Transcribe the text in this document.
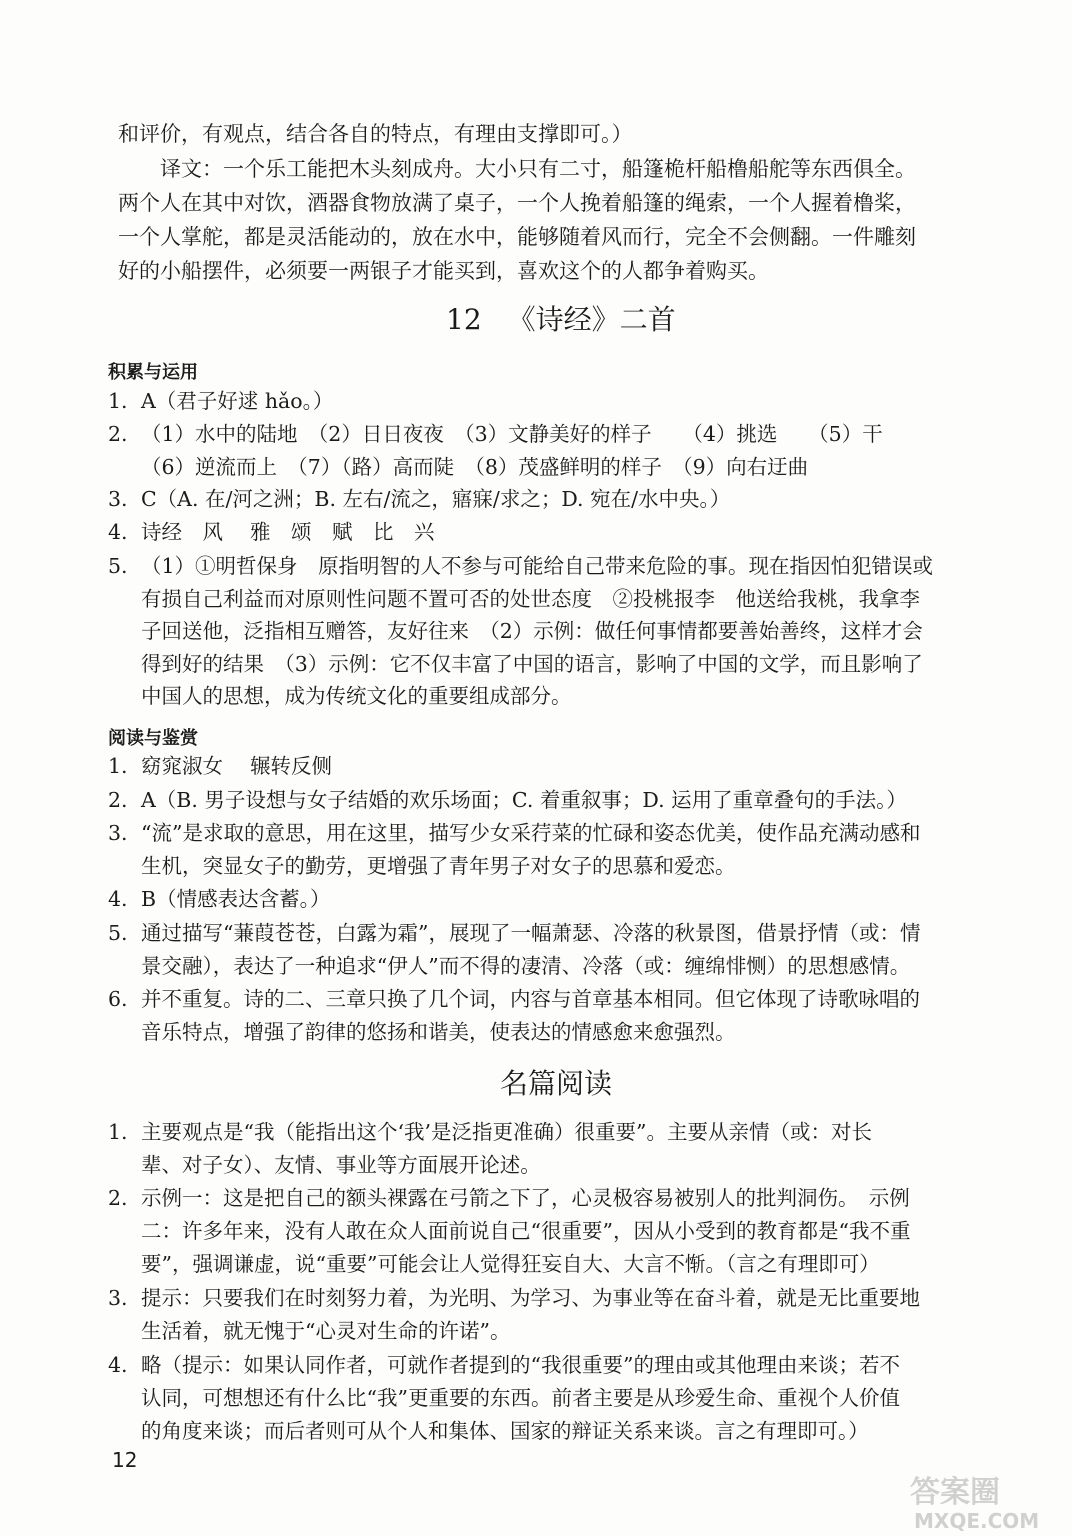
和评价，有观点，结合各自的特点，有理由支撑即可。）
译文：一个乐工能把木头刻成舟。大小只有二寸，船篷桅杆船橹船舵等东西俱全。
两个人在其中对饮，酒器食物放满了桌子，一个人挽着船篷的绳索，一个人握着橹桨，
一个人掌舵，都是灵活能动的，放在水中，能够随着风而行，完全不会侧翻。一件雕刻
好的小船摆件，必须要一两银子才能买到，喜欢这个的人都争着购买。
12 《诗经》二首
积累与运用
1. A（君子好逑 hǎo。）
2. （1）水中的陆地　（2）日日夜夜　（3）文静美好的样子　　（4）挑选　　（5）干
（6）逆流而上　（7）（路）高而陡　（8）茂盛鲜明的样子　（9）向右迂曲
3. C（A. 在/河之洲；B. 左右/流之，寤寐/求之；D. 宛在/水中央。）
4. 诗经　风　 雅　颂　赋　比　兴
5. （1）①明哲保身　原指明智的人不参与可能给自己带来危险的事。现在指因怕犯错误或
有损自己利益而对原则性问题不置可否的处世态度　②投桃报李　他送给我桃，我拿李
子回送他，泛指相互赠答，友好往来　（2）示例：做任何事情都要善始善终，这样才会
得到好的结果　（3）示例：它不仅丰富了中国的语言，影响了中国的文学，而且影响了
中国人的思想，成为传统文化的重要组成部分。
阅读与鉴赏
1. 窈窕淑女　 辗转反侧
2. A（B. 男子设想与女子结婚的欢乐场面；C. 着重叙事；D. 运用了重章叠句的手法。）
3. “流”是求取的意思，用在这里，描写少女采荇菜的忙碌和姿态优美，使作品充满动感和
生机，突显女子的勤劳，更增强了青年男子对女子的思慕和爱恋。
4. B（情感表达含蓄。）
5. 通过描写“蒹葭苍苍，白露为霜”，展现了一幅萧瑟、冷落的秋景图，借景抒情（或：情
景交融），表达了一种追求“伊人”而不得的凄清、冷落（或：缠绵悱恻）的思想感情。
6. 并不重复。诗的二、三章只换了几个词，内容与首章基本相同。但它体现了诗歌咏唱的
音乐特点，增强了韵律的悠扬和谐美，使表达的情感愈来愈强烈。
名篇阅读
1. 主要观点是“我（能指出这个‘我’是泛指更准确）很重要”。主要从亲情（或：对长
辈、对子女）、友情、事业等方面展开论述。
2. 示例一：这是把自己的额头裸露在弓箭之下了，心灵极容易被别人的批判洞伤。　示例
二：许多年来，没有人敢在众人面前说自己“很重要”，因从小受到的教育都是“我不重
要”，强调谦虚，说“重要”可能会让人觉得狂妄自大、大言不惭。（言之有理即可）
3. 提示：只要我们在时刻努力着，为光明、为学习、为事业等在奋斗着，就是无比重要地
生活着，就无愧于“心灵对生命的许诺”。
4. 略（提示：如果认同作者，可就作者提到的“我很重要”的理由或其他理由来谈；若不
认同，可想想还有什么比“我”更重要的东西。前者主要是从珍爱生命、重视个人价值
的角度来谈；而后者则可从个人和集体、国家的辩证关系来谈。言之有理即可。）
12
答案圈
MXQE.COM
